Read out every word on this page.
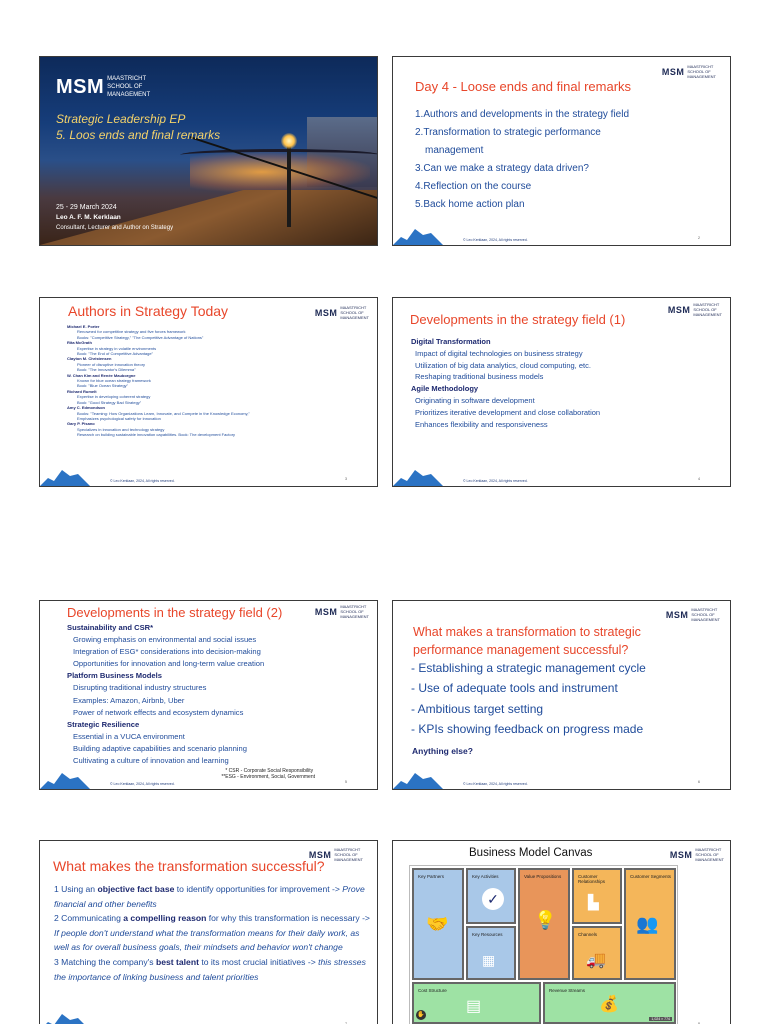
MSM MAASTRICHT
SCHOOL OF
MANAGEMENT
Strategic Leadership EP
5. Loos ends and final remarks
25 - 29 March 2024
Leo A. F. M. Kerklaan
Consultant, Lecturer and Author on Strategy
MSM MAASTRICHT
SCHOOL OF
MANAGEMENT
Day 4 - Loose ends and final remarks
1.Authors and developments in the strategy field
2.Transformation to strategic performance
management
3.Can we make a strategy data driven?
4.Reflection on the course
5.Back home action plan
© Leo Kerklaan, 2024, All rights reserved.	2
Authors in Strategy Today	MSM MAASTRICHT
SCHOOL OF
MANAGEMENT
Michael E. Porter
Renowned for competitive strategy and five forces framework
Books: "Competitive Strategy," "The Competitive Advantage of Nations"
Rita McGrath
Expertise in strategy in volatile environments
Book: "The End of Competitive Advantage"
Clayton M. Christensen
Pioneer of disruptive innovation theory
Book: "The Innovator's Dilemma"
W. Chan Kim and Renée Mauborgne
Known for blue ocean strategy framework
Book: "Blue Ocean Strategy"
Richard Rumelt
Expertise in developing coherent strategy
Book: "Good Strategy Bad Strategy"
Amy C. Edmondson
Books: "Teaming: How Organizations Learn, Innovate, and Compete in the Knowledge Economy,"
Emphasizes psychological safety for innovation
Gary P. Pisano
Specializes in innovation and technology strategy
Research on building sustainable innovation capabilities. Book: The development Factory
© Leo Kerklaan, 2024, All rights reserved.	3
MSM MAASTRICHT
SCHOOL OF
MANAGEMENT
Developments in the strategy field (1)
Digital Transformation
Impact of digital technologies on business strategy
Utilization of big data analytics, cloud computing, etc.
Reshaping traditional business models
Agile Methodology
Originating in software development
Prioritizes iterative development and close collaboration
Enhances flexibility and responsiveness
© Leo Kerklaan, 2024, All rights reserved.	4
Developments in the strategy field (2)	MSM MAASTRICHT
SCHOOL OF
MANAGEMENT
Sustainability and CSR*
Growing emphasis on environmental and social issues
Integration of ESG* considerations into decision-making
Opportunities for innovation and long-term value creation
Platform Business Models
Disrupting traditional industry structures
Examples: Amazon, Airbnb, Uber
Power of network effects and ecosystem dynamics
Strategic Resilience
Essential in a VUCA environment
Building adaptive capabilities and scenario planning
Cultivating a culture of innovation and learning
* CSR - Corporate Social Responsibility
**ESG - Environment, Social, Government
© Leo Kerklaan, 2024, All rights reserved.	5
MSM MAASTRICHT
SCHOOL OF
MANAGEMENT
What makes a transformation to strategic
performance management successful?
- Establishing a strategic management cycle
- Use of adequate tools and instrument
- Ambitious target setting
- KPIs showing feedback on progress made
Anything else?
© Leo Kerklaan, 2024, All rights reserved.	6
MSM MAASTRICHT
SCHOOL OF
MANAGEMENT
What makes the transformation successful?
1 Using an objective fact base to identify opportunities for improvement -> Prove financial and other benefits
2 Communicating a compelling reason for why this transformation is necessary -> If people don't understand what the transformation means for their daily work, as well as for overall business goals, their mindsets and behavior won't change
3 Matching the company's best talent to its most crucial initiatives -> this stresses the importance of linking business and talent priorities
7
Business Model Canvas	MSM MAASTRICHT
SCHOOL OF
MANAGEMENT
Key Partners
🤝
Key Activities
✓
Key Resources
▦
Value Propositions
💡
Customer Relationships
▙
Channels
🚚
Customer Segments
👥
Cost Structure
▤
✋
Revenue Streams
💰
1,024 × 774
8
